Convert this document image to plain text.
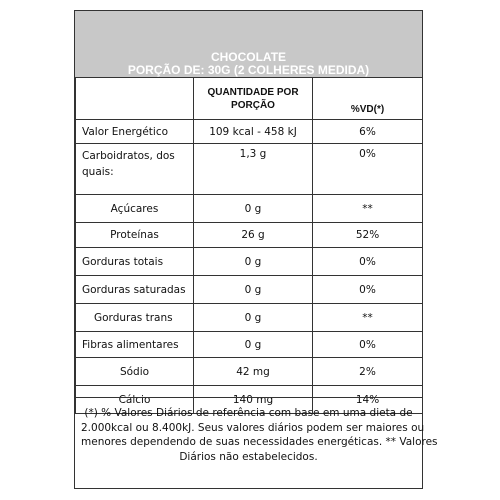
CHOCOLATE
PORÇÃO DE: 30G (2 COLHERES MEDIDA)

	QUANTIDADE POR
PORÇÃO	%VD(*)
Valor Energético	109 kcal - 458 kJ	6%

Carboidratos, dos
quais:	1,3 g	0%
Açúcares	0 g	**
Proteínas	26 g	52%
Gorduras totais	0 g	0%
Gorduras saturadas	0 g	0%
Gorduras trans	0 g	**
Fibras alimentares	0 g	0%
Sódio	42 mg	2%
Cálcio	140 mg	14%
(*) % Valores Diários de referência com base em uma dieta de
2.000kcal ou 8.400kJ. Seus valores diários podem ser maiores ou
menores dependendo de suas necessidades energéticas. ** Valores
Diários não estabelecidos.
